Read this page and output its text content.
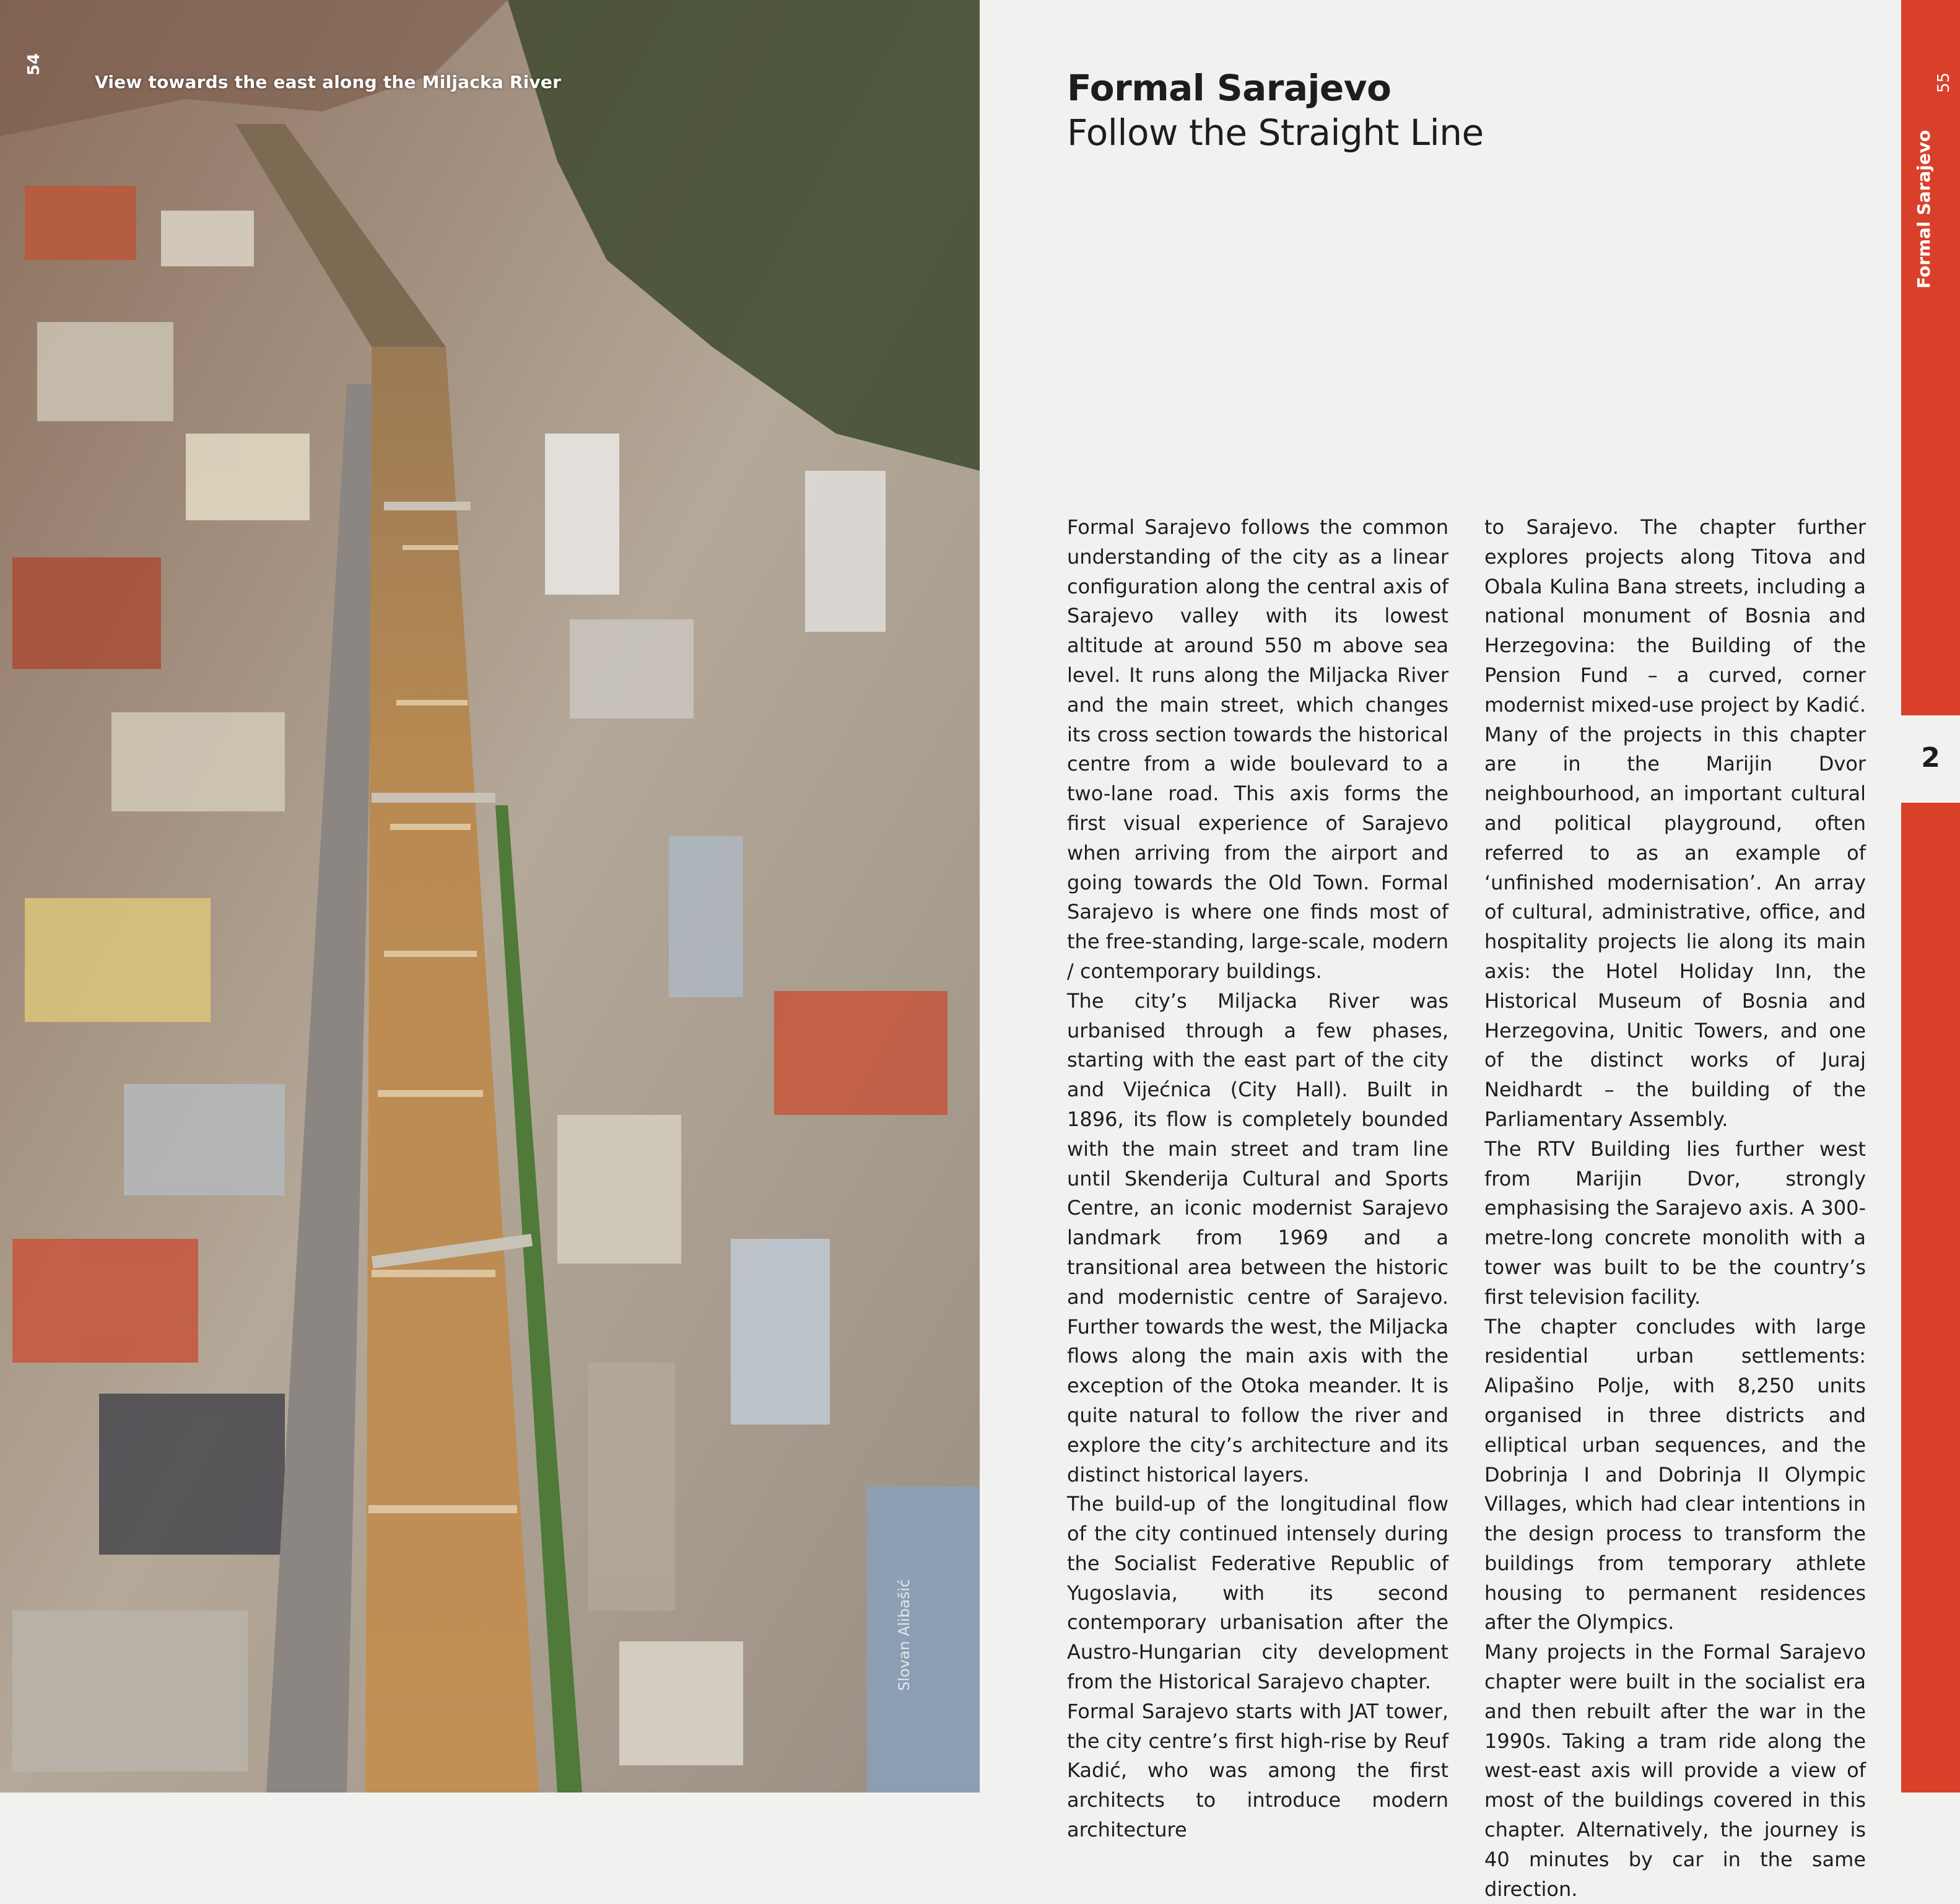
View towards the east along the Miljacka River
54
Slovan Alibašić
Formal Sarajevo
Follow the Straight Line

Formal Sarajevo follows the common understanding of the city as a linear configuration along the central axis of Sarajevo valley with its lowest altitude at around 550 m above sea level. It runs along the Miljacka River and the main street, which changes its cross section towards the historical centre from a wide boulevard to a two-lane road. This axis forms the first visual experience of Sarajevo when arriving from the airport and going towards the Old Town. Formal Sarajevo is where one finds most of the free-standing, large-scale, modern / contemporary buildings.

The city’s Miljacka River was urbanised through a few phases, starting with the east part of the city and Vijećnica (City Hall). Built in 1896, its flow is completely bounded with the main street and tram line until Skenderija Cultural and Sports Centre, an iconic modernist Sarajevo landmark from 1969 and a transitional area between the historic and modernistic centre of Sarajevo. Further towards the west, the Miljacka flows along the main axis with the exception of the Otoka meander. It is quite natural to follow the river and explore the city’s architecture and its distinct historical layers.

The build-up of the longitudinal flow of the city continued intensely during the Socialist Federative Republic of Yugoslavia, with its second contemporary urbanisation after the Austro-Hungarian city development from the Historical Sarajevo chapter.

Formal Sarajevo starts with JAT tower, the city centre’s first high-rise by Reuf Kadić, who was among the first architects to introduce modern architecture

to Sarajevo. The chapter further explores projects along Titova and Obala Kulina Bana streets, including a national monument of Bosnia and Herzegovina: the Building of the Pension Fund – a curved, corner modernist mixed-use project by Kadić. Many of the projects in this chapter are in the Marijin Dvor neighbourhood, an important cultural and political playground, often referred to as an example of ‘unfinished modernisation’. An array of cultural, administrative, office, and hospitality projects lie along its main axis: the Hotel Holiday Inn, the Historical Museum of Bosnia and Herzegovina, Unitic Towers, and one of the distinct works of Juraj Neidhardt – the building of the Parliamentary Assembly.

The RTV Building lies further west from Marijin Dvor, strongly emphasising the Sarajevo axis. A 300-metre-long concrete monolith with a tower was built to be the country’s first television facility.

The chapter concludes with large residential urban settlements: Alipašino Polje, with 8,250 units organised in three districts and elliptical urban sequences, and the Dobrinja I and Dobrinja II Olympic Villages, which had clear intentions in the design process to transform the buildings from temporary athlete housing to permanent residences after the Olympics.

Many projects in the Formal Sarajevo chapter were built in the socialist era and then rebuilt after the war in the 1990s. Taking a tram ride along the west-east axis will provide a view of most of the buildings covered in this chapter. Alternatively, the journey is 40 minutes by car in the same direction.

2
55
Formal Sarajevo
